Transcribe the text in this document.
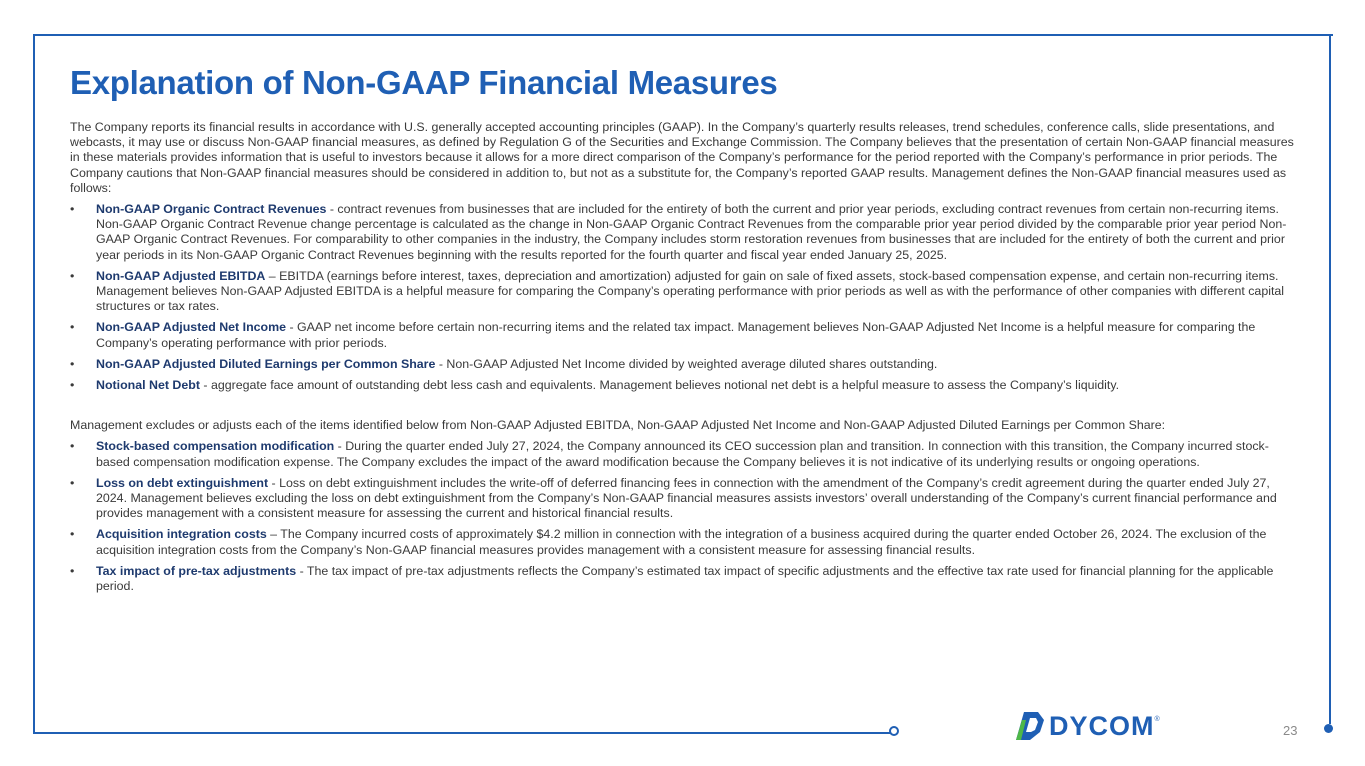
Explanation of Non-GAAP Financial Measures

The Company reports its financial results in accordance with U.S. generally accepted accounting principles (GAAP). In the Company’s quarterly results releases, trend schedules, conference calls, slide presentations, and webcasts, it may use or discuss Non-GAAP financial measures, as defined by Regulation G of the Securities and Exchange Commission. The Company believes that the presentation of certain Non-GAAP financial measures in these materials provides information that is useful to investors because it allows for a more direct comparison of the Company’s performance for the period reported with the Company’s performance in prior periods. The Company cautions that Non-GAAP financial measures should be considered in addition to, but not as a substitute for, the Company’s reported GAAP results. Management defines the Non-GAAP financial measures used as follows:

• Non-GAAP Organic Contract Revenues - contract revenues from businesses that are included for the entirety of both the current and prior year periods, excluding contract revenues from certain non-recurring items. Non-GAAP Organic Contract Revenue change percentage is calculated as the change in Non-GAAP Organic Contract Revenues from the comparable prior year period divided by the comparable prior year period Non-GAAP Organic Contract Revenues. For comparability to other companies in the industry, the Company includes storm restoration revenues from businesses that are included for the entirety of both the current and prior year periods in its Non-GAAP Organic Contract Revenues beginning with the results reported for the fourth quarter and fiscal year ended January 25, 2025.
• Non-GAAP Adjusted EBITDA – EBITDA (earnings before interest, taxes, depreciation and amortization) adjusted for gain on sale of fixed assets, stock-based compensation expense, and certain non-recurring items. Management believes Non-GAAP Adjusted EBITDA is a helpful measure for comparing the Company’s operating performance with prior periods as well as with the performance of other companies with different capital structures or tax rates.
• Non-GAAP Adjusted Net Income - GAAP net income before certain non-recurring items and the related tax impact. Management believes Non-GAAP Adjusted Net Income is a helpful measure for comparing the Company’s operating performance with prior periods.
• Non-GAAP Adjusted Diluted Earnings per Common Share - Non-GAAP Adjusted Net Income divided by weighted average diluted shares outstanding.
• Notional Net Debt - aggregate face amount of outstanding debt less cash and equivalents. Management believes notional net debt is a helpful measure to assess the Company’s liquidity.

Management excludes or adjusts each of the items identified below from Non-GAAP Adjusted EBITDA, Non-GAAP Adjusted Net Income and Non-GAAP Adjusted Diluted Earnings per Common Share:

• Stock-based compensation modification - During the quarter ended July 27, 2024, the Company announced its CEO succession plan and transition. In connection with this transition, the Company incurred stock-based compensation modification expense. The Company excludes the impact of the award modification because the Company believes it is not indicative of its underlying results or ongoing operations.
• Loss on debt extinguishment - Loss on debt extinguishment includes the write-off of deferred financing fees in connection with the amendment of the Company’s credit agreement during the quarter ended July 27, 2024. Management believes excluding the loss on debt extinguishment from the Company’s Non-GAAP financial measures assists investors’ overall understanding of the Company’s current financial performance and provides management with a consistent measure for assessing the current and historical financial results.
• Acquisition integration costs – The Company incurred costs of approximately $4.2 million in connection with the integration of a business acquired during the quarter ended October 26, 2024. The exclusion of the acquisition integration costs from the Company’s Non-GAAP financial measures provides management with a consistent measure for assessing financial results.
• Tax impact of pre-tax adjustments - The tax impact of pre-tax adjustments reflects the Company’s estimated tax impact of specific adjustments and the effective tax rate used for financial planning for the applicable period.
DYCOM ®
23
